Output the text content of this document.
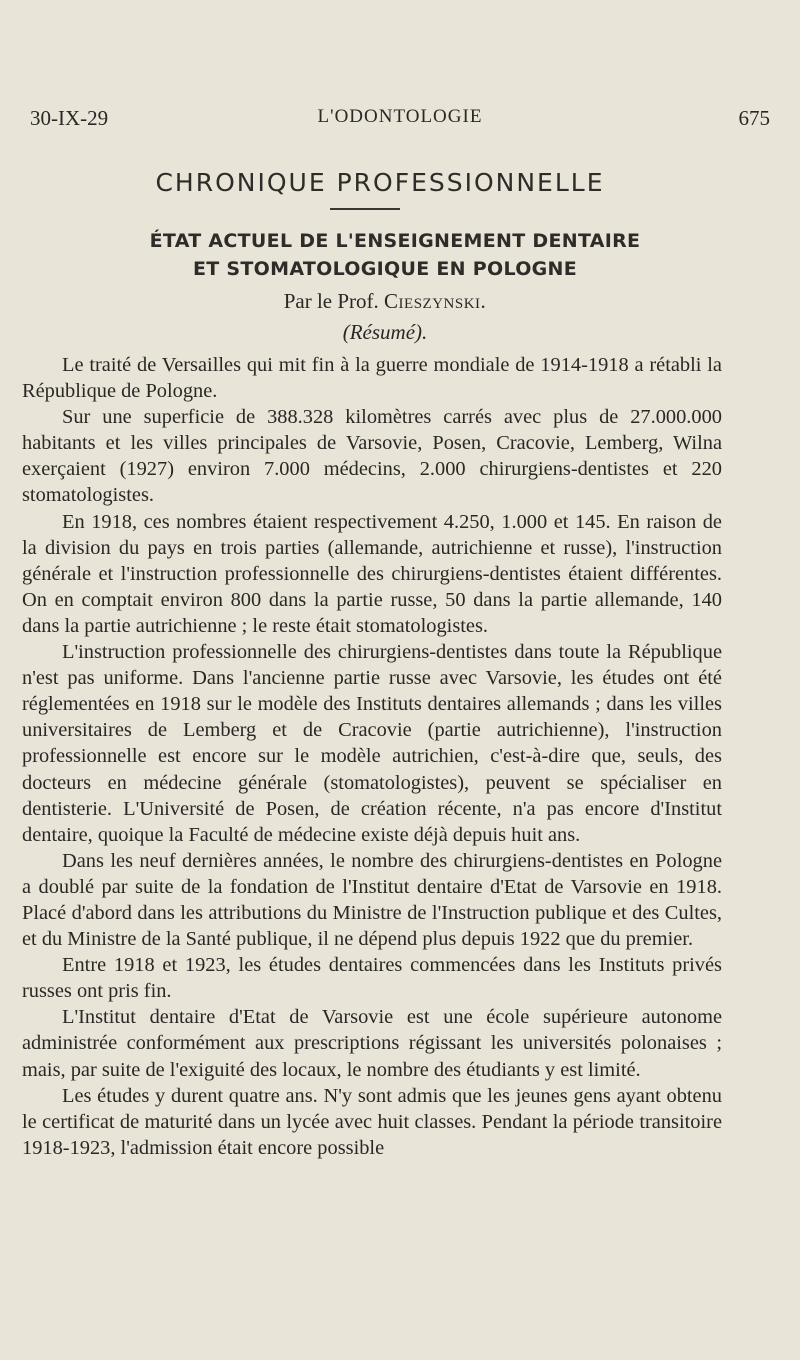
30-IX-29	L'ODONTOLOGIE	675
CHRONIQUE PROFESSIONNELLE
ÉTAT ACTUEL DE L'ENSEIGNEMENT DENTAIRE
ET STOMATOLOGIQUE EN POLOGNE
Par le Prof. Cieszynski.
(Résumé).

Le traité de Versailles qui mit fin à la guerre mondiale de 1914-1918 a rétabli la République de Pologne.

Sur une superficie de 388.328 kilomètres carrés avec plus de 27.000.000 habitants et les villes principales de Varsovie, Posen, Cracovie, Lemberg, Wilna exerçaient (1927) environ 7.000 médecins, 2.000 chirurgiens-dentistes et 220 stomatologistes.

En 1918, ces nombres étaient respectivement 4.250, 1.000 et 145. En raison de la division du pays en trois parties (allemande, autrichienne et russe), l'instruction générale et l'instruction professionnelle des chirurgiens-dentistes étaient différentes. On en comptait environ 800 dans la partie russe, 50 dans la partie allemande, 140 dans la partie autrichienne ; le reste était stomatologistes.

L'instruction professionnelle des chirurgiens-dentistes dans toute la République n'est pas uniforme. Dans l'ancienne partie russe avec Varsovie, les études ont été réglementées en 1918 sur le modèle des Instituts dentaires allemands ; dans les villes universitaires de Lemberg et de Cracovie (partie autrichienne), l'instruction professionnelle est encore sur le modèle autrichien, c'est-à-dire que, seuls, des docteurs en médecine générale (stomatologistes), peuvent se spécialiser en dentisterie. L'Université de Posen, de création récente, n'a pas encore d'Institut dentaire, quoique la Faculté de médecine existe déjà depuis huit ans.

Dans les neuf dernières années, le nombre des chirurgiens-dentistes en Pologne a doublé par suite de la fondation de l'Institut dentaire d'Etat de Varsovie en 1918. Placé d'abord dans les attributions du Ministre de l'Instruction publique et des Cultes, et du Ministre de la Santé publique, il ne dépend plus depuis 1922 que du premier.

Entre 1918 et 1923, les études dentaires commencées dans les Instituts privés russes ont pris fin.

L'Institut dentaire d'Etat de Varsovie est une école supérieure autonome administrée conformément aux prescriptions régissant les universités polonaises ; mais, par suite de l'exiguité des locaux, le nombre des étudiants y est limité.

Les études y durent quatre ans. N'y sont admis que les jeunes gens ayant obtenu le certificat de maturité dans un lycée avec huit classes. Pendant la période transitoire 1918-1923, l'admission était encore possible
